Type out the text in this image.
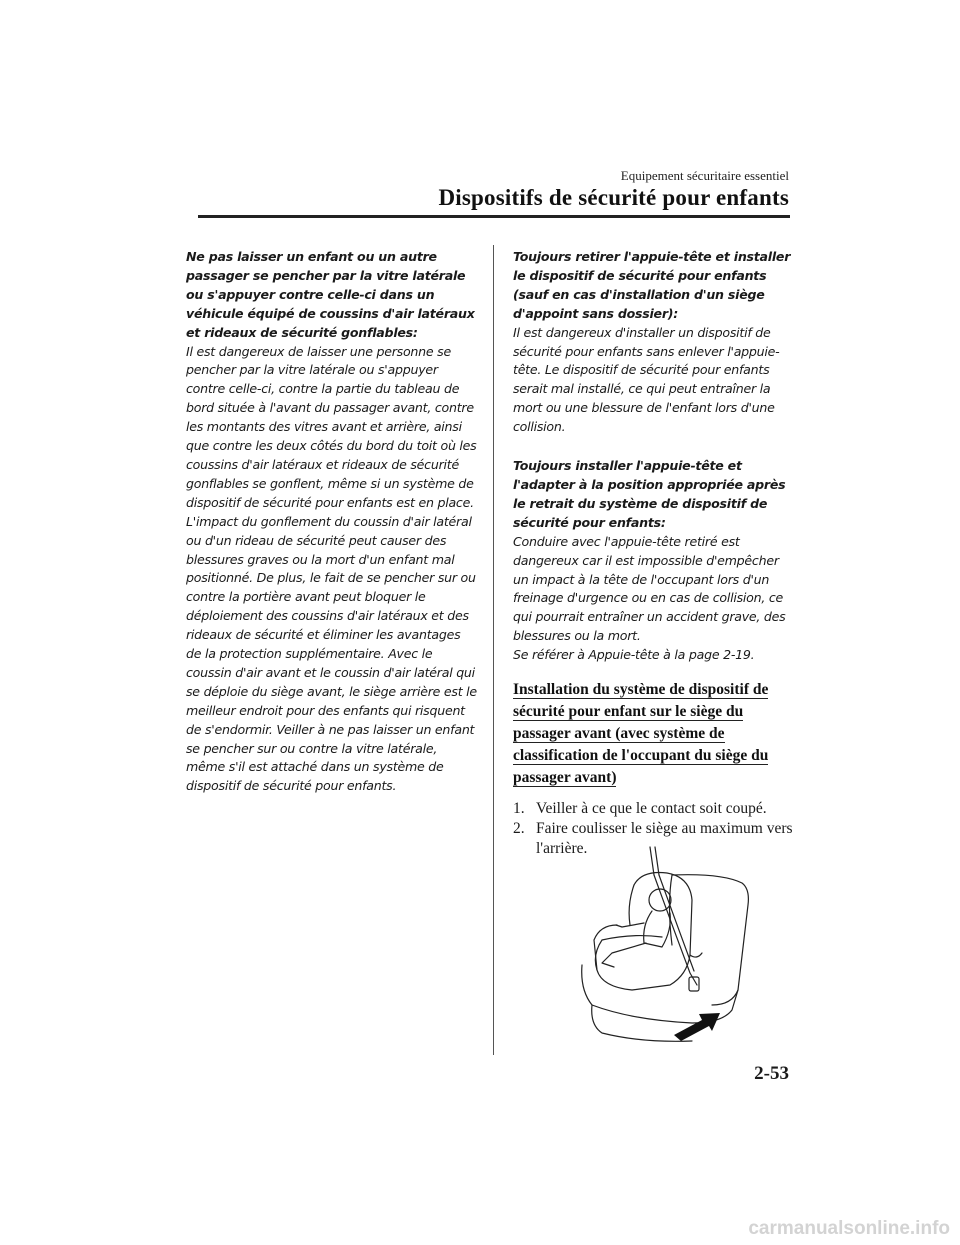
Equipement sécuritaire essentiel
Dispositifs de sécurité pour enfants

Ne pas laisser un enfant ou un autre passager se pencher par la vitre latérale ou s'appuyer contre celle-ci dans un véhicule équipé de coussins d'air latéraux et rideaux de sécurité gonflables:
Il est dangereux de laisser une personne se pencher par la vitre latérale ou s'appuyer contre celle-ci, contre la partie du tableau de bord située à l'avant du passager avant, contre les montants des vitres avant et arrière, ainsi que contre les deux côtés du bord du toit où les coussins d'air latéraux et rideaux de sécurité gonflables se gonflent, même si un système de dispositif de sécurité pour enfants est en place. L'impact du gonflement du coussin d'air latéral ou d'un rideau de sécurité peut causer des blessures graves ou la mort d'un enfant mal positionné. De plus, le fait de se pencher sur ou contre la portière avant peut bloquer le déploiement des coussins d'air latéraux et des rideaux de sécurité et éliminer les avantages de la protection supplémentaire. Avec le coussin d'air avant et le coussin d'air latéral qui se déploie du siège avant, le siège arrière est le meilleur endroit pour des enfants qui risquent de s'endormir. Veiller à ne pas laisser un enfant se pencher sur ou contre la vitre latérale, même s'il est attaché dans un système de dispositif de sécurité pour enfants.

Toujours retirer l'appuie-tête et installer le dispositif de sécurité pour enfants (sauf en cas d'installation d'un siège d'appoint sans dossier):
Il est dangereux d'installer un dispositif de sécurité pour enfants sans enlever l'appuie-tête. Le dispositif de sécurité pour enfants serait mal installé, ce qui peut entraîner la mort ou une blessure de l'enfant lors d'une collision.

Toujours installer l'appuie-tête et l'adapter à la position appropriée après le retrait du système de dispositif de sécurité pour enfants:
Conduire avec l'appuie-tête retiré est dangereux car il est impossible d'empêcher un impact à la tête de l'occupant lors d'un freinage d'urgence ou en cas de collision, ce qui pourrait entraîner un accident grave, des blessures ou la mort.
Se référer à Appuie-tête à la page 2-19.

Installation du système de dispositif de
sécurité pour enfant sur le siège du
passager avant (avec système de
classification de l'occupant du siège du
passager avant)
1. Veiller à ce que le contact soit coupé.
2. Faire coulisser le siège au maximum vers l'arrière.
2-53
carmanualsonline.info
